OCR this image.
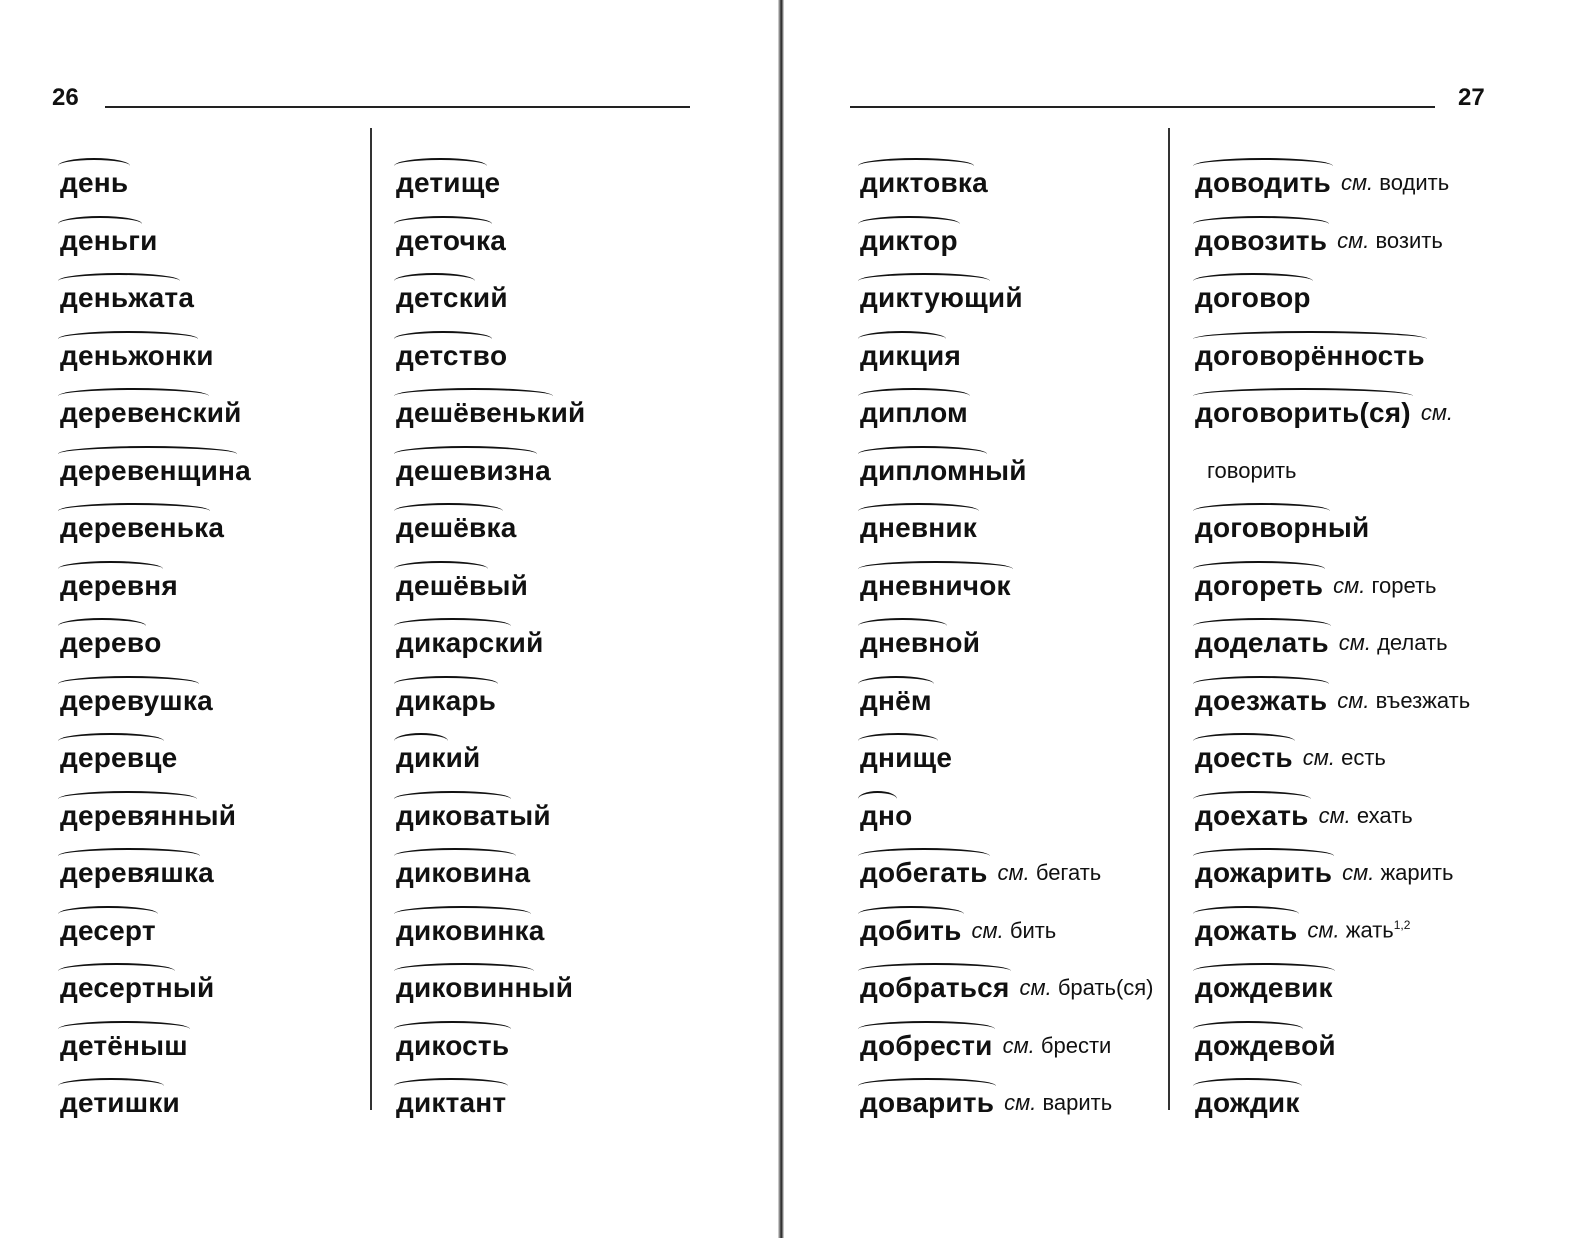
26
день
деньг и
деньжат а
деньжонк и
деревенск ий
деревенщин а
деревеньк а
деревн я
дерев о
деревушк а
деревц е
деревянн ый
деревяшк а
десерт
десертн ый
детёныш
детишк и
детищ е
деточк а
детск ий
детств о
дешёвеньк ий
дешевизн а
дешёвк а
дешёв ый
дикарск ий
дикарь
дик ий
диковат ый
диковин а
диковинк а
диковинн ый
дикость
диктант
27
диктовк а
диктор
диктующ ий
дикци я
диплом
дипломн ый
дневник
дневничок
дневн ой
днём
днищ е
дн о
добегать см. бегать
добить см. бить
добраться см. брать(ся)
добрести см. брести
доварить см. варить
доводить см. водить
довозить см. возить
договор
договорённость
договорить(ся) см.
говорить
договорн ый
догореть см. гореть
доделать см. делать
доезжать см. въезжать
доесть см. есть
доехать см. ехать
дожарить см. жарить
дожать см. жать$^{1,2}$
дождевик
дождев ой
дождик
